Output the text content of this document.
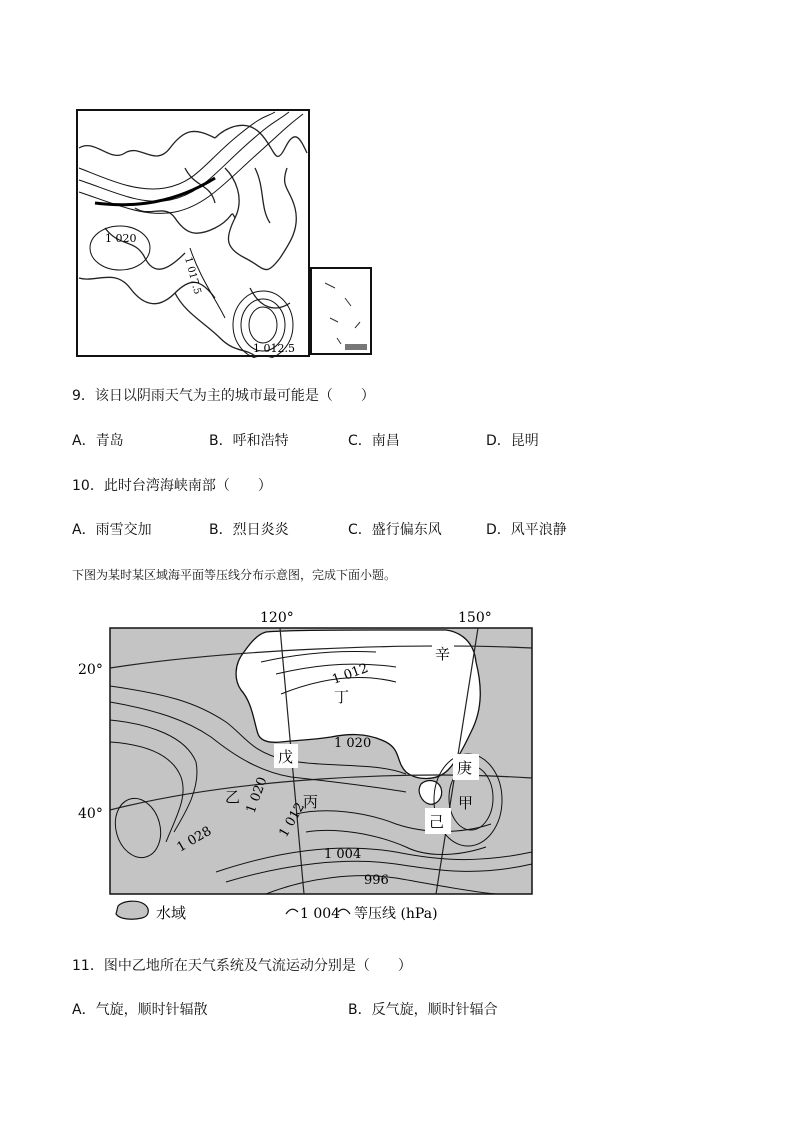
1 020
1 017.5
1 012.5
9．该日以阴雨天气为主的城市最可能是（　　）
A．青岛	B．呼和浩特	C．南昌	D．昆明
10．此时台湾海峡南部（　　）
A．雨雪交加	B．烈日炎炎	C．盛行偏东风	D．风平浪静
下图为某时某区域海平面等压线分布示意图，完成下面小题。
120°	150°
20°
40°
1 012
1 020
1 020
1 012
1 028	1 004
996
辛
丁
戊
庚
乙	丙	甲
己
水域	1 004 等压线 (hPa)
11．图中乙地所在天气系统及气流运动分别是（　　）
A．气旋，顺时针辐散	B．反气旋，顺时针辐合
